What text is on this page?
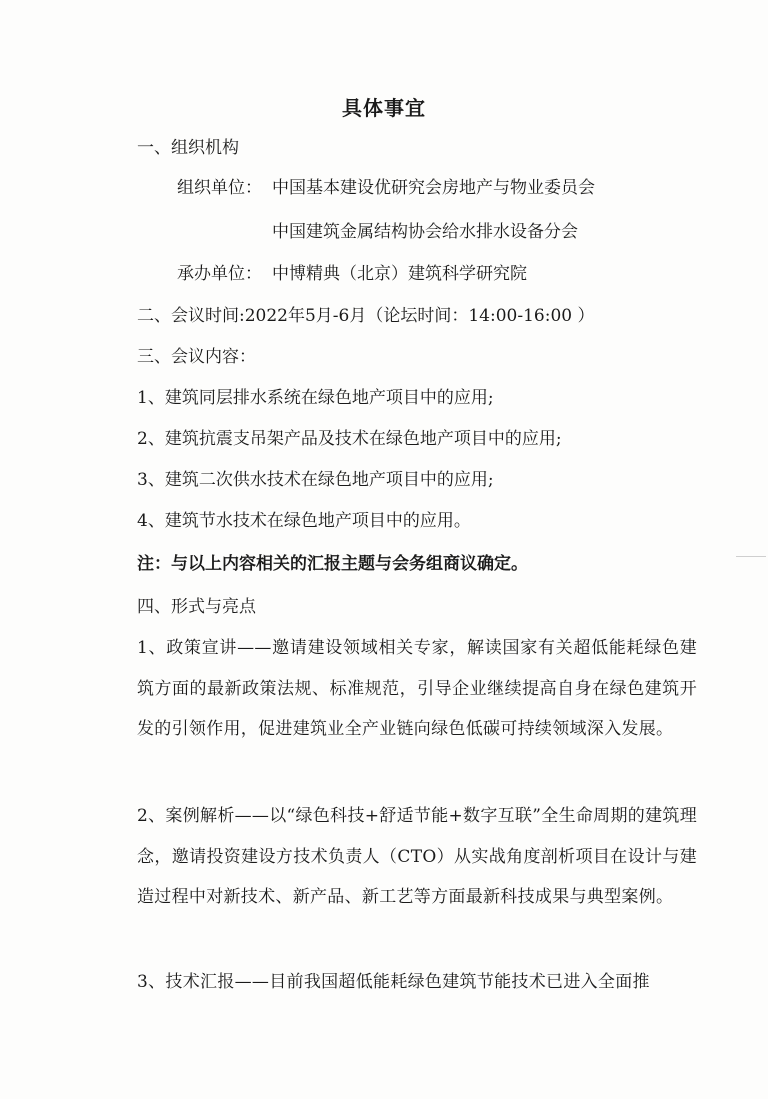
具体事宜
一、组织机构
组织单位： 中国基本建设优研究会房地产与物业委员会
中国建筑金属结构协会给水排水设备分会
承办单位： 中博精典（北京）建筑科学研究院
二、会议时间:2022年5月-6月（论坛时间：14:00-16:00 ）
三、会议内容：
1、建筑同层排水系统在绿色地产项目中的应用;
2、建筑抗震支吊架产品及技术在绿色地产项目中的应用;
3、建筑二次供水技术在绿色地产项目中的应用;
4、建筑节水技术在绿色地产项目中的应用。
注：与以上内容相关的汇报主题与会务组商议确定。
四、形式与亮点
1、政策宣讲——邀请建设领域相关专家，解读国家有关超低能耗绿色建筑方面的最新政策法规、标准规范，引导企业继续提高自身在绿色建筑开发的引领作用，促进建筑业全产业链向绿色低碳可持续领域深入发展。
2、案例解析——以“绿色科技+舒适节能+数字互联”全生命周期的建筑理念，邀请投资建设方技术负责人（CTO）从实战角度剖析项目在设计与建造过程中对新技术、新产品、新工艺等方面最新科技成果与典型案例。
3、技术汇报——目前我国超低能耗绿色建筑节能技术已进入全面推
